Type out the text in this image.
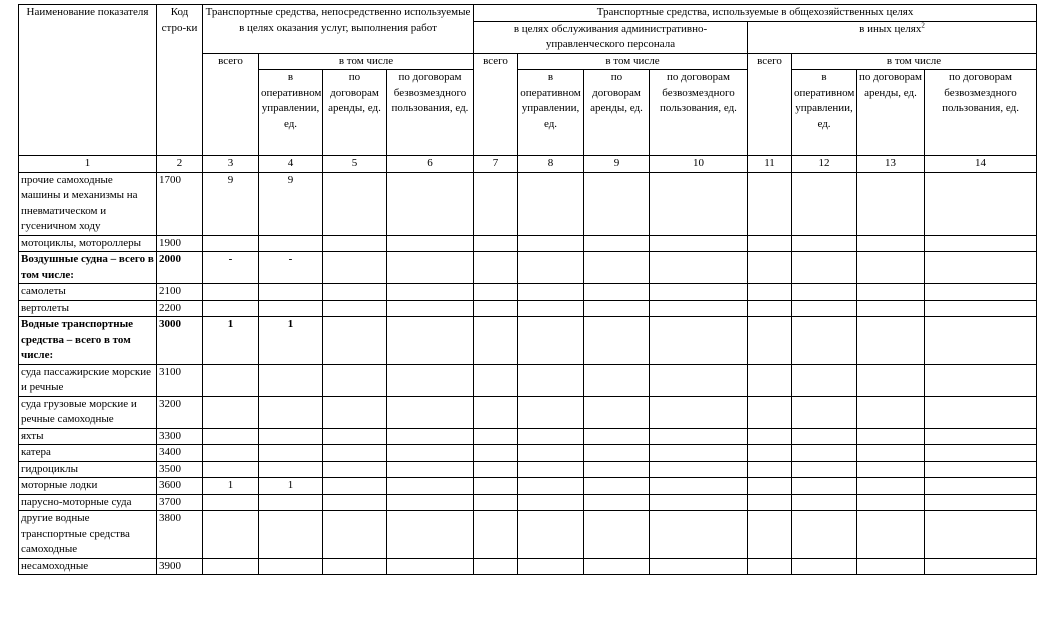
Наименование показателя	Код стро-ки	Транспортные средства, непосредственно используемые в целях оказания услуг, выполнения работ				Транспортные средства, используемые в общехозяйственных целях							
						в целях обслуживания административно-управленческого персонала				в иных целях$^2$
		всего	в том числе			всего	в том числе			всего	в том числе		
			в оперативном управлении, ед.	по договорам аренды, ед.	по договорам безвозмездного пользования, ед.		в оперативном управлении, ед.	по договорам аренды, ед.	по договорам безвозмездного пользования, ед.		в оперативном управлении, ед.	по договорам аренды, ед.	по договорам безвозмездного пользования, ед.
1	2	3	4	5	6	7	8	9	10	11	12	13	14
прочие самоходные машины и механизмы на пневматическом и гусеничном ходу	1700	9	9										
мотоциклы, мотороллеры	1900												
Воздушные судна – всего в том числе:	2000	-	-										
самолеты	2100												
вертолеты	2200												
Водные транспортные средства – всего в том числе:	3000	1	1										
суда пассажирские морские и речные	3100												
суда грузовые морские и речные самоходные	3200												
яхты	3300												
катера	3400												
гидроциклы	3500												
моторные лодки	3600	1	1										
парусно-моторные суда	3700												
другие водные транспортные средства самоходные	3800												
несамоходные	3900												
